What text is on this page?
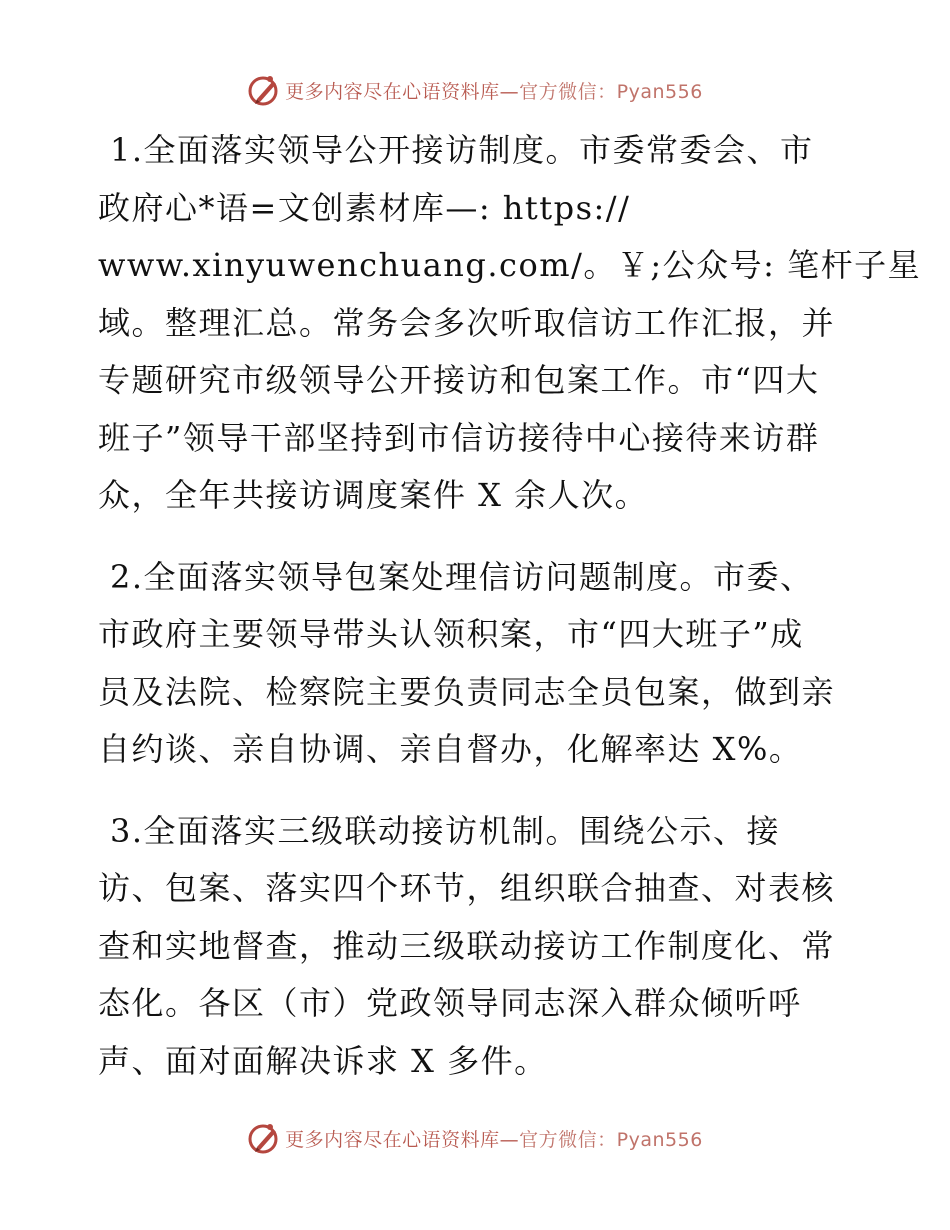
更多内容尽在心语资料库—官方微信：Pyan556
1.全面落实领导公开接访制度。市委常委会、市
政府心*语=文创素材库—: https://
www.xinyuwenchuang.com/。￥;公众号: 笔杆子星
域。整理汇总。常务会多次听取信访工作汇报，并
专题研究市级领导公开接访和包案工作。市“四大
班子”领导干部坚持到市信访接待中心接待来访群
众，全年共接访调度案件 X 余人次。
2.全面落实领导包案处理信访问题制度。市委、
市政府主要领导带头认领积案，市“四大班子”成
员及法院、检察院主要负责同志全员包案，做到亲
自约谈、亲自协调、亲自督办，化解率达 X%。
3.全面落实三级联动接访机制。围绕公示、接
访、包案、落实四个环节，组织联合抽查、对表核
查和实地督查，推动三级联动接访工作制度化、常
态化。各区（市）党政领导同志深入群众倾听呼
声、面对面解决诉求 X 多件。
更多内容尽在心语资料库—官方微信：Pyan556
